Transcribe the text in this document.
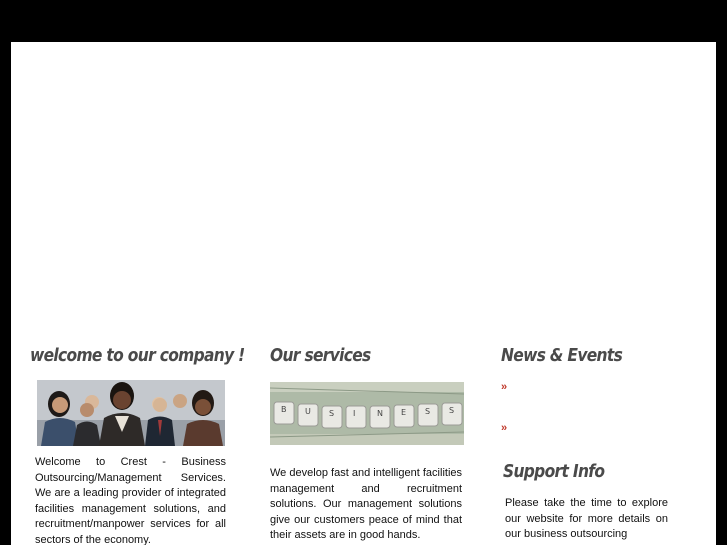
welcome to our company !

Welcome to Crest - Business Outsourcing/Management Services. We are a leading provider of integrated facilities management solutions, and recruitment/manpower services for all sectors of the economy.

Our services
B U S I	N E S S

We develop fast and intelligent facilities management and recruitment solutions. Our management solutions give our customers peace of mind that their assets are in good hands.

News & Events
»
»
Support Info

Please take the time to explore our website for more details on our business outsourcing
